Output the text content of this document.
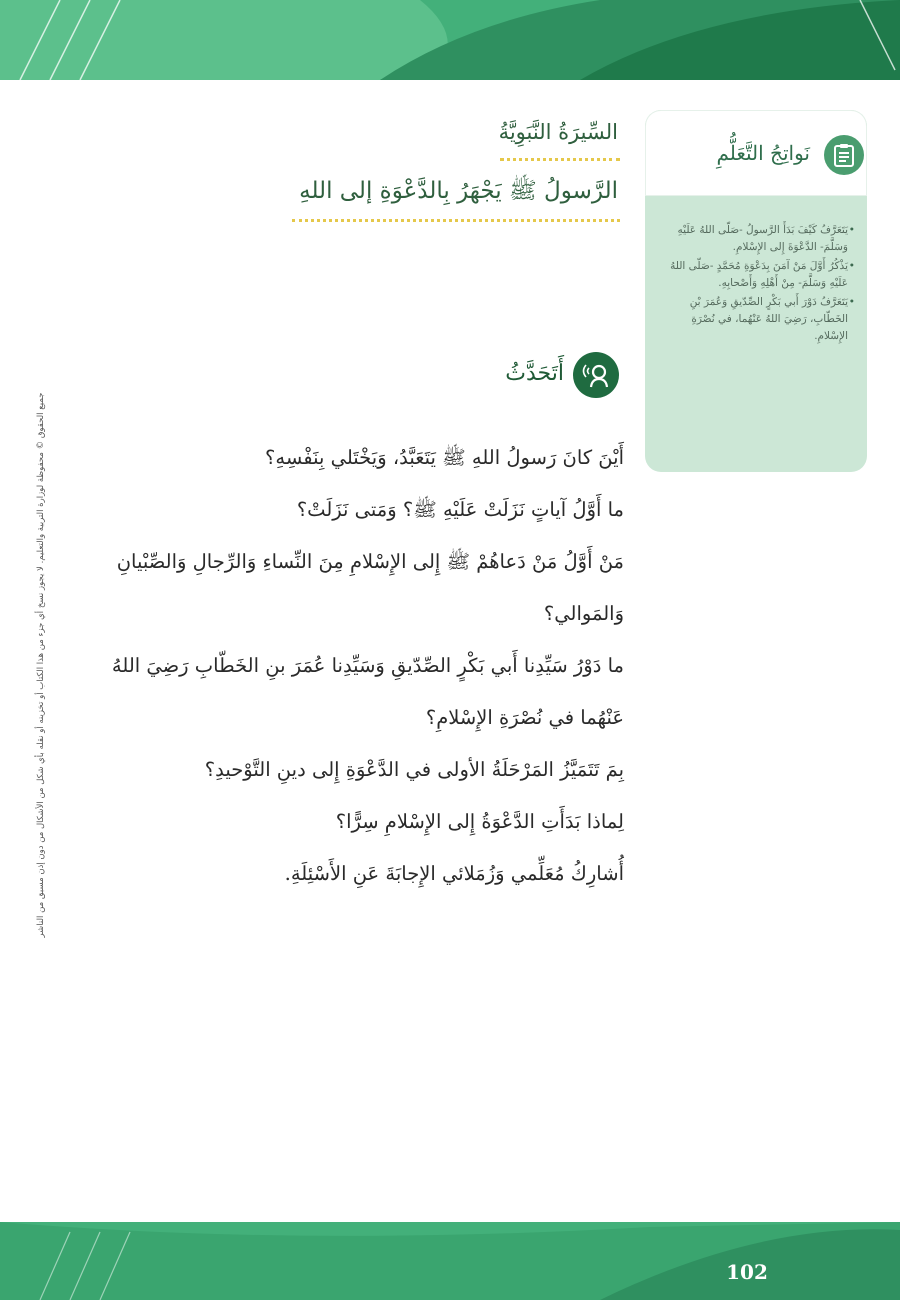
نَواتِجُ التَّعَلُّمِ
• يَتَعَرَّفُ كَيْفَ بَدَأَ الرَّسولُ -صَلّى اللهُ عَلَيْهِ وَسَلَّمَ- الدَّعْوَةَ إِلى الإِسْلامِ.
• يَذْكُرُ أَوَّلَ مَنْ آمَنَ بِدَعْوَةِ مُحَمَّدٍ -صَلّى اللهُ عَلَيْهِ وَسَلَّمَ- مِنْ أَهْلِهِ وَأَصْحابِهِ.
• يَتَعَرَّفُ دَوْرَ أَبي بَكْرٍ الصِّدّيقِ وَعُمَرَ بْنِ الخَطّابِ، رَضِيَ اللهُ عَنْهُما، في نُصْرَةِ الإِسْلامِ.
السِّيرَةُ النَّبَوِيَّةُ
الرَّسولُ ﷺ يَجْهَرُ بِالدَّعْوَةِ إلى اللهِ
أَتَحَدَّثُ
أَيْنَ كانَ رَسولُ اللهِ ﷺ يَتَعَبَّدُ، وَيَخْتَلي بِنَفْسِهِ؟
ما أَوَّلُ آياتٍ نَزَلَتْ عَلَيْهِ ﷺ؟ وَمَتى نَزَلَتْ؟
مَنْ أَوَّلُ مَنْ دَعاهُمْ ﷺ إِلى الإِسْلامِ مِنَ النِّساءِ وَالرِّجالِ وَالصِّبْيانِ وَالمَوالي؟
ما دَوْرُ سَيِّدِنا أَبي بَكْرٍ الصِّدّيقِ وَسَيِّدِنا عُمَرَ بنِ الخَطّابِ رَضِيَ اللهُ عَنْهُما في نُصْرَةِ الإِسْلامِ؟
بِمَ تَتَمَيَّزُ المَرْحَلَةُ الأولى في الدَّعْوَةِ إِلى دينِ التَّوْحيدِ؟
لِماذا بَدَأَتِ الدَّعْوَةُ إِلى الإِسْلامِ سِرًّا؟
أُشارِكُ مُعَلِّمي وَزُمَلائي الإِجابَةَ عَنِ الأَسْئِلَةِ.
جميع الحقوق © محفوظة لوزارة التربية والتعليم. لا يجوز نسخ أي جزء من هذا الكتاب أو تخزينه أو نقله بأي شكل من الأشكال من دون إذن مسبق من الناشر
102
